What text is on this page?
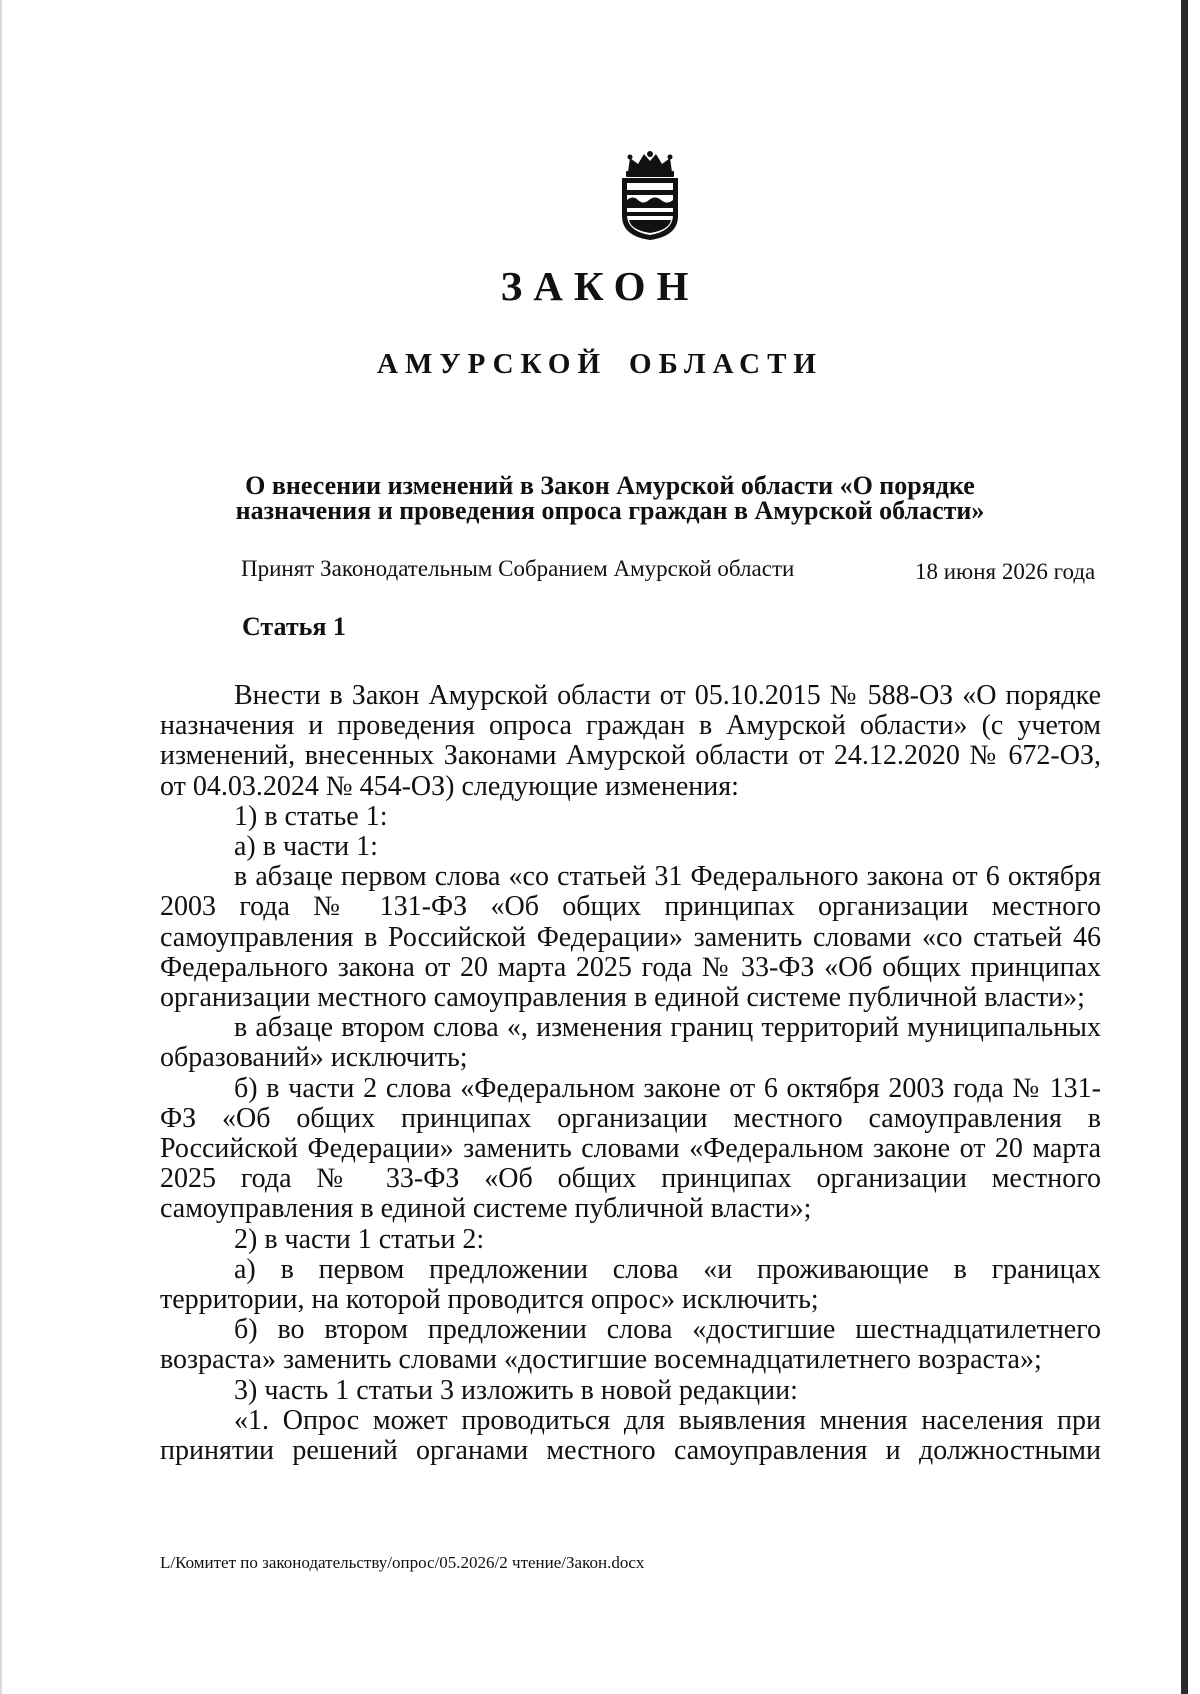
ЗАКОН
АМУРСКОЙ ОБЛАСТИ
О внесении изменений в Закон Амурской области «О порядке
назначения и проведения опроса граждан в Амурской области»
Принят Законодательным Собранием Амурской области	18 июня 2026 года
Статья 1

Внести в Закон Амурской области от 05.10.2015 № 588-ОЗ «О порядке назначения и проведения опроса граждан в Амурской области» (с учетом изменений, внесенных Законами Амурской области от 24.12.2020 № 672-ОЗ, от 04.03.2024 № 454-ОЗ) следующие изменения:

1) в статье 1:

а) в части 1:

в абзаце первом слова «со статьей 31 Федерального закона от 6 октября 2003 года № 131-ФЗ «Об общих принципах организации местного самоуправления в Российской Федерации» заменить словами «со статьей 46 Федерального закона от 20 марта 2025 года № 33-ФЗ «Об общих принципах организации местного самоуправления в единой системе публичной власти»;

в абзаце втором слова «, изменения границ территорий муниципальных образований» исключить;

б) в части 2 слова «Федеральном законе от 6 октября 2003 года № 131-ФЗ «Об общих принципах организации местного самоуправления в Российской Федерации» заменить словами «Федеральном законе от 20 марта 2025 года № 33-ФЗ «Об общих принципах организации местного самоуправления в единой системе публичной власти»;

2) в части 1 статьи 2:

а) в первом предложении слова «и проживающие в границах территории, на которой проводится опрос» исключить;

б) во втором предложении слова «достигшие шестнадцатилетнего возраста» заменить словами «достигшие восемнадцатилетнего возраста»;

3) часть 1 статьи 3 изложить в новой редакции:

«1. Опрос может проводиться для выявления мнения населения при принятии решений органами местного самоуправления и должностными

L/Комитет по законодательству/опрос/05.2026/2 чтение/Закон.docx
